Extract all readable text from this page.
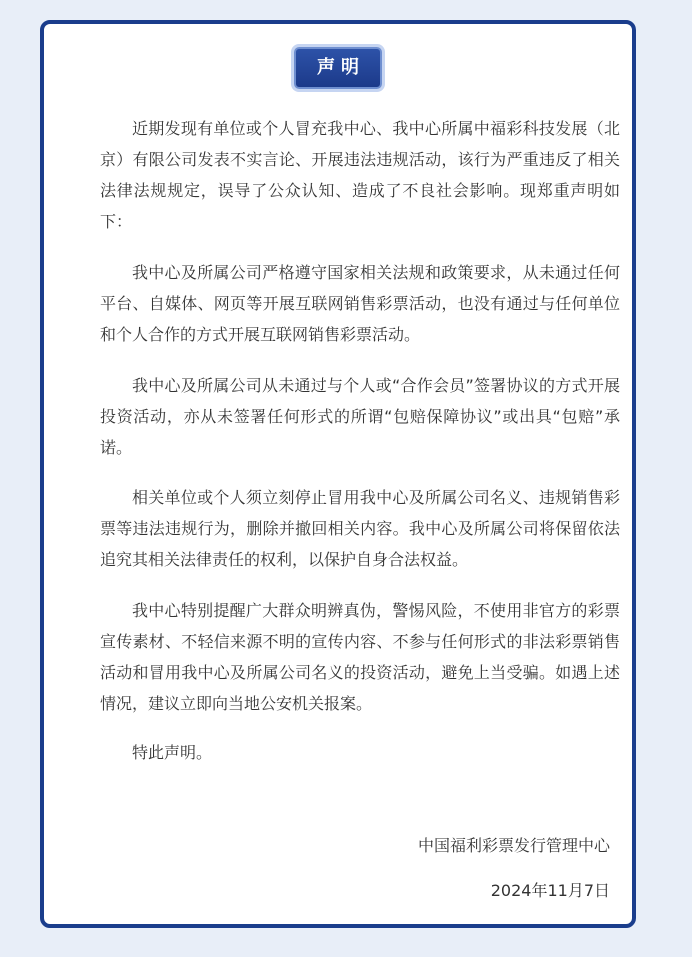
声明

近期发现有单位或个人冒充我中心、我中心所属中福彩科技发展（北京）有限公司发表不实言论、开展违法违规活动，该行为严重违反了相关法律法规规定，误导了公众认知、造成了不良社会影响。现郑重声明如下：

我中心及所属公司严格遵守国家相关法规和政策要求，从未通过任何平台、自媒体、网页等开展互联网销售彩票活动，也没有通过与任何单位和个人合作的方式开展互联网销售彩票活动。

我中心及所属公司从未通过与个人或“合作会员”签署协议的方式开展投资活动，亦从未签署任何形式的所谓“包赔保障协议”或出具“包赔”承诺。

相关单位或个人须立刻停止冒用我中心及所属公司名义、违规销售彩票等违法违规行为，删除并撤回相关内容。我中心及所属公司将保留依法追究其相关法律责任的权利，以保护自身合法权益。

我中心特别提醒广大群众明辨真伪，警惕风险，不使用非官方的彩票宣传素材、不轻信来源不明的宣传内容、不参与任何形式的非法彩票销售活动和冒用我中心及所属公司名义的投资活动，避免上当受骗。如遇上述情况，建议立即向当地公安机关报案。

特此声明。

中国福利彩票发行管理中心

2024年11月7日
